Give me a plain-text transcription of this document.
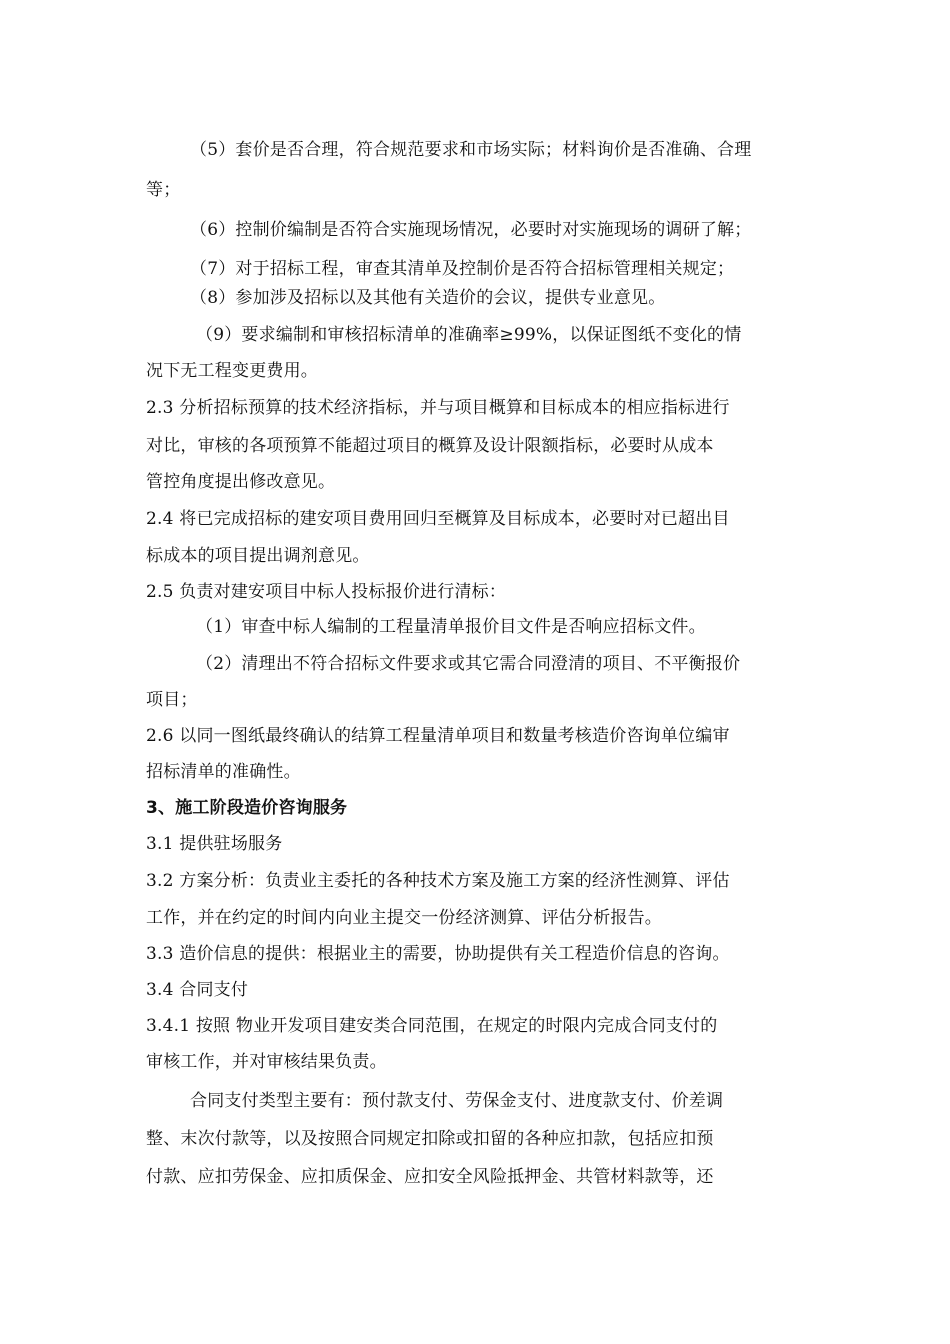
（5）套价是否合理，符合规范要求和市场实际；材料询价是否准确、合理
等；
（6）控制价编制是否符合实施现场情况，必要时对实施现场的调研了解；
（7）对于招标工程，审查其清单及控制价是否符合招标管理相关规定；
（8）参加涉及招标以及其他有关造价的会议，提供专业意见。
（9）要求编制和审核招标清单的准确率≥99%，以保证图纸不变化的情
况下无工程变更费用。
2.3 分析招标预算的技术经济指标，并与项目概算和目标成本的相应指标进行
对比，审核的各项预算不能超过项目的概算及设计限额指标，必要时从成本
管控角度提出修改意见。
2.4 将已完成招标的建安项目费用回归至概算及目标成本，必要时对已超出目
标成本的项目提出调剂意见。
2.5 负责对建安项目中标人投标报价进行清标：
（1）审查中标人编制的工程量清单报价目文件是否响应招标文件。
（2）清理出不符合招标文件要求或其它需合同澄清的项目、不平衡报价
项目；
2.6 以同一图纸最终确认的结算工程量清单项目和数量考核造价咨询单位编审
招标清单的准确性。
3、施工阶段造价咨询服务
3.1 提供驻场服务
3.2 方案分析：负责业主委托的各种技术方案及施工方案的经济性测算、评估
工作，并在约定的时间内向业主提交一份经济测算、评估分析报告。
3.3 造价信息的提供：根据业主的需要，协助提供有关工程造价信息的咨询。
3.4 合同支付
3.4.1 按照 物业开发项目建安类合同范围，在规定的时限内完成合同支付的
审核工作，并对审核结果负责。
合同支付类型主要有：预付款支付、劳保金支付、进度款支付、价差调
整、末次付款等，以及按照合同规定扣除或扣留的各种应扣款，包括应扣预
付款、应扣劳保金、应扣质保金、应扣安全风险抵押金、共管材料款等，还
